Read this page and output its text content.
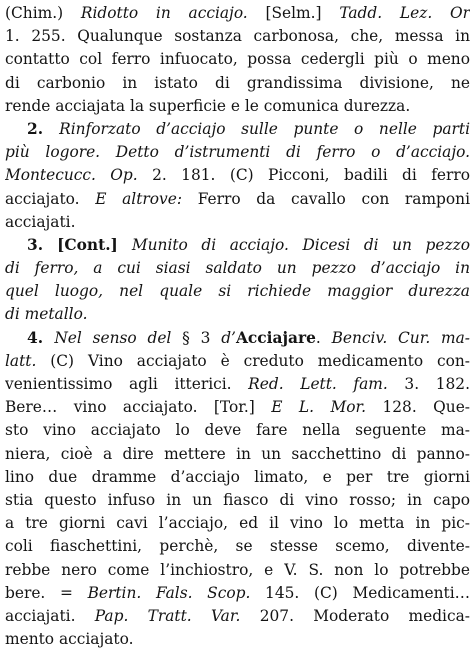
(Chim.) Ridotto in acciajo. [Selm.] Tadd. Lez. Or
1. 255. Qualunque sostanza carbonosa, che, messa in
contatto col ferro infuocato, possa cedergli più o meno
di carbonio in istato di grandissima divisione, ne
rende acciajata la superficie e le comunica durezza.
2. Rinforzato d’acciajo sulle punte o nelle parti
più logore. Detto d’istrumenti di ferro o d’acciajo.
Montecucc. Op. 2. 181. (C) Picconi, badili di ferro
acciajato. E altrove: Ferro da cavallo con ramponi
acciajati.
3. [Cont.] Munito di acciajo. Dicesi di un pezzo
di ferro, a cui siasi saldato un pezzo d’acciajo in
quel luogo, nel quale si richiede maggior durezza
di metallo.
4. Nel senso del § 3 d’Acciajare. Benciv. Cur. ma-
latt. (C) Vino acciajato è creduto medicamento con-
venientissimo agli itterici. Red. Lett. fam. 3. 182.
Bere… vino acciajato. [Tor.] E L. Mor. 128. Que-
sto vino acciajato lo deve fare nella seguente ma-
niera, cioè a dire mettere in un sacchettino di panno-
lino due dramme d’acciajo limato, e per tre giorni
stia questo infuso in un fiasco di vino rosso; in capo
a tre giorni cavi l’acciajo, ed il vino lo metta in pic-
coli fiaschettini, perchè, se stesse scemo, divente-
rebbe nero come l’inchiostro, e V. S. non lo potrebbe
bere. = Bertin. Fals. Scop. 145. (C) Medicamenti…
acciajati. Pap. Tratt. Var. 207. Moderato medica-
mento acciajato.
